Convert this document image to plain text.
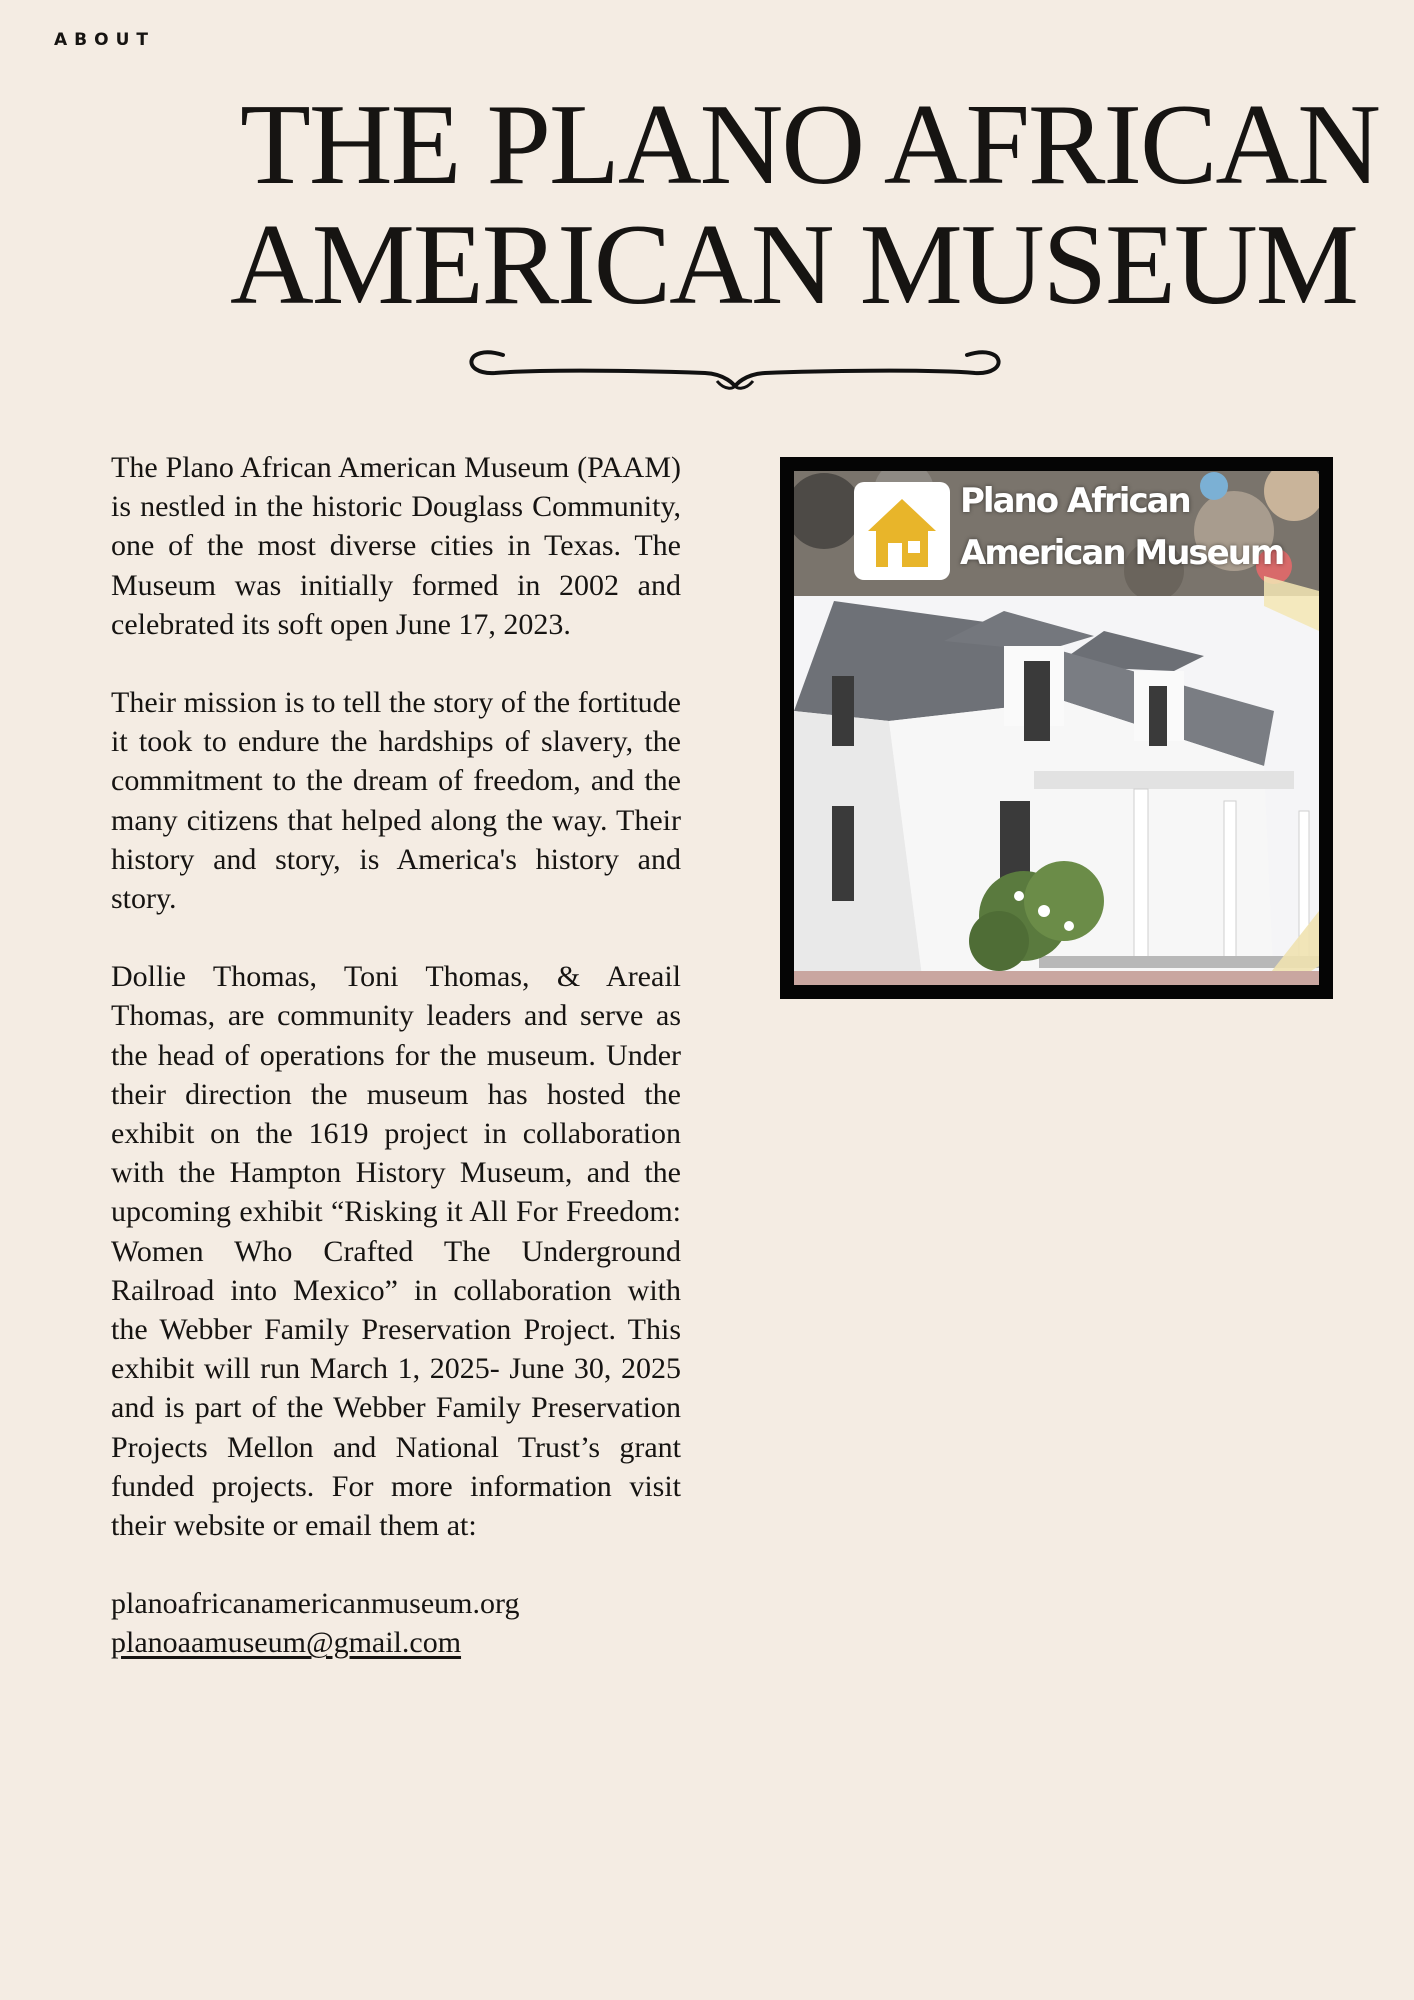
ABOUT
THE PLANO AFRICAN
AMERICAN MUSEUM

The Plano African American Museum (PAAM) is nestled in the historic Douglass Community, one of the most diverse cities in Texas. The Museum was initially formed in 2002 and celebrated its soft open June 17, 2023.

Their mission is to tell the story of the fortitude it took to endure the hardships of slavery, the commitment to the dream of freedom, and the many citizens that helped along the way. Their history and story, is America's history and story.

Dollie Thomas, Toni Thomas, & Areail Thomas, are community leaders and serve as the head of operations for the museum. Under their direction the museum has hosted the exhibit on the 1619 project in collaboration with the Hampton History Museum, and the upcoming exhibit “Risking it All For Freedom: Women Who Crafted The Underground Railroad into Mexico” in collaboration with the Webber Family Preservation Project. This exhibit will run March 1, 2025- June 30, 2025 and is part of the Webber Family Preservation Projects Mellon and National Trust’s grant funded projects. For more information visit their website or email them at:

planoafricanamericanmuseum.org
planoaamuseum@gmail.com
Plano African
American Museum
